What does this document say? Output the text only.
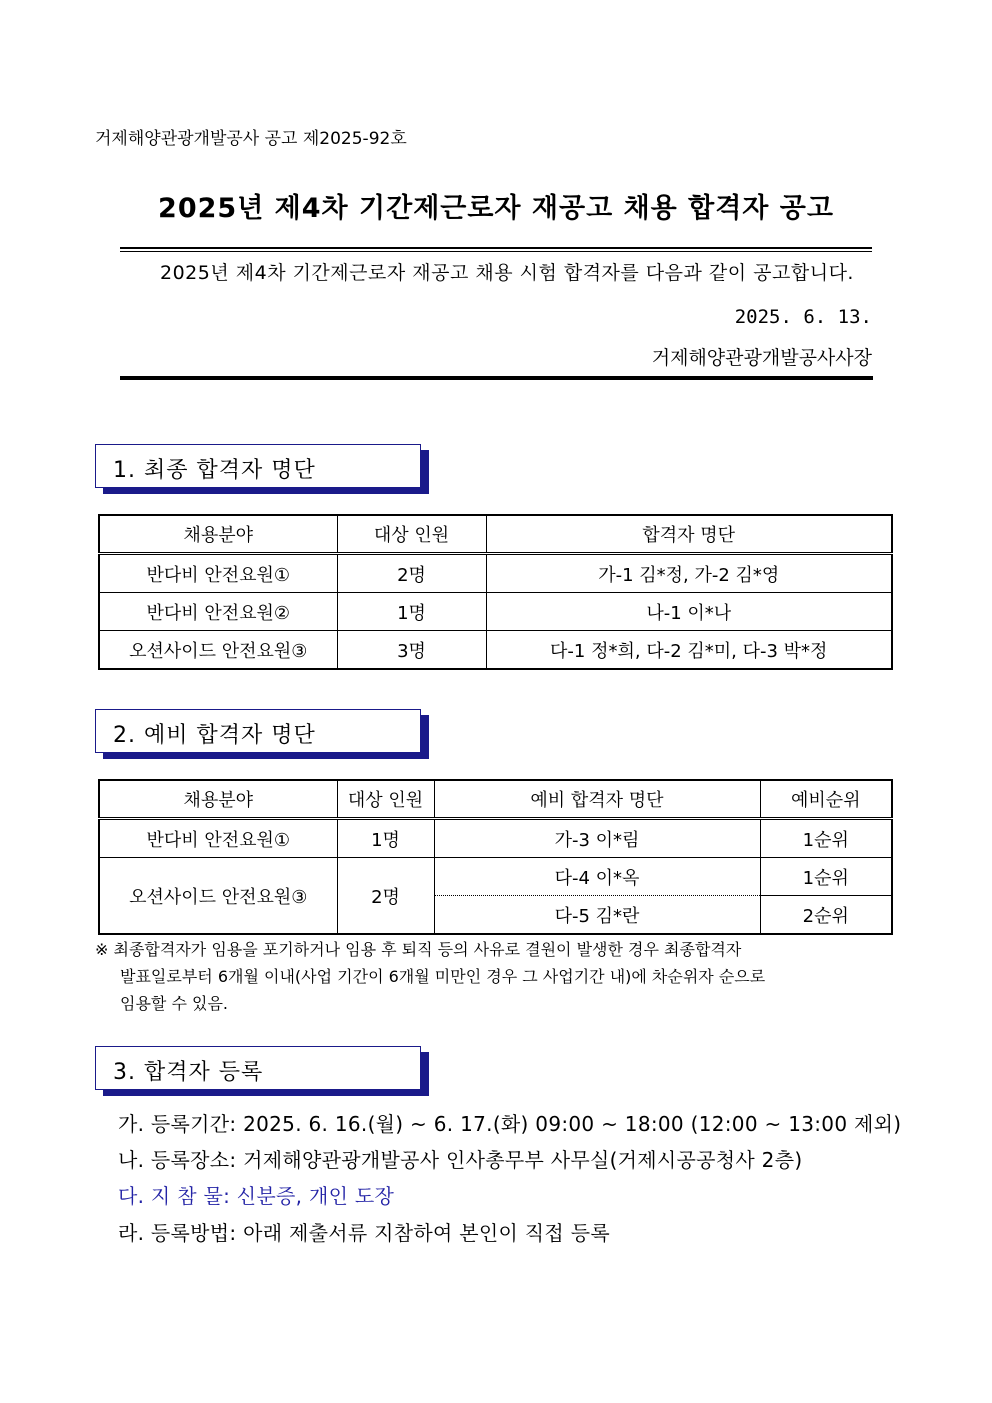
거제해양관광개발공사 공고 제2025-92호
2025년 제4차 기간제근로자 재공고 채용 합격자 공고
2025년 제4차 기간제근로자 재공고 채용 시험 합격자를 다음과 같이 공고합니다.
2025. 6. 13.
거제해양관광개발공사사장
1. 최종 합격자 명단
채용분야	대상 인원	합격자 명단
반다비 안전요원①	2명	가-1 김*정, 가-2 김*영
반다비 안전요원②	1명	나-1 이*나
오션사이드 안전요원③	3명	다-1 정*희, 다-2 김*미, 다-3 박*정
2. 예비 합격자 명단
채용분야	대상 인원	예비 합격자 명단	예비순위
반다비 안전요원①	1명	가-3 이*림	1순위
오션사이드 안전요원③	2명	다-4 이*옥	1순위
		다-5 김*란	2순위
※ 최종합격자가 임용을 포기하거나 임용 후 퇴직 등의 사유로 결원이 발생한 경우 최종합격자
발표일로부터 6개월 이내(사업 기간이 6개월 미만인 경우 그 사업기간 내)에 차순위자 순으로
임용할 수 있음.
3. 합격자 등록
가. 등록기간: 2025. 6. 16.(월) ~ 6. 17.(화) 09:00 ~ 18:00 (12:00 ~ 13:00 제외)
나. 등록장소: 거제해양관광개발공사 인사총무부 사무실(거제시공공청사 2층)
다. 지 참 물: 신분증, 개인 도장
라. 등록방법: 아래 제출서류 지참하여 본인이 직접 등록
